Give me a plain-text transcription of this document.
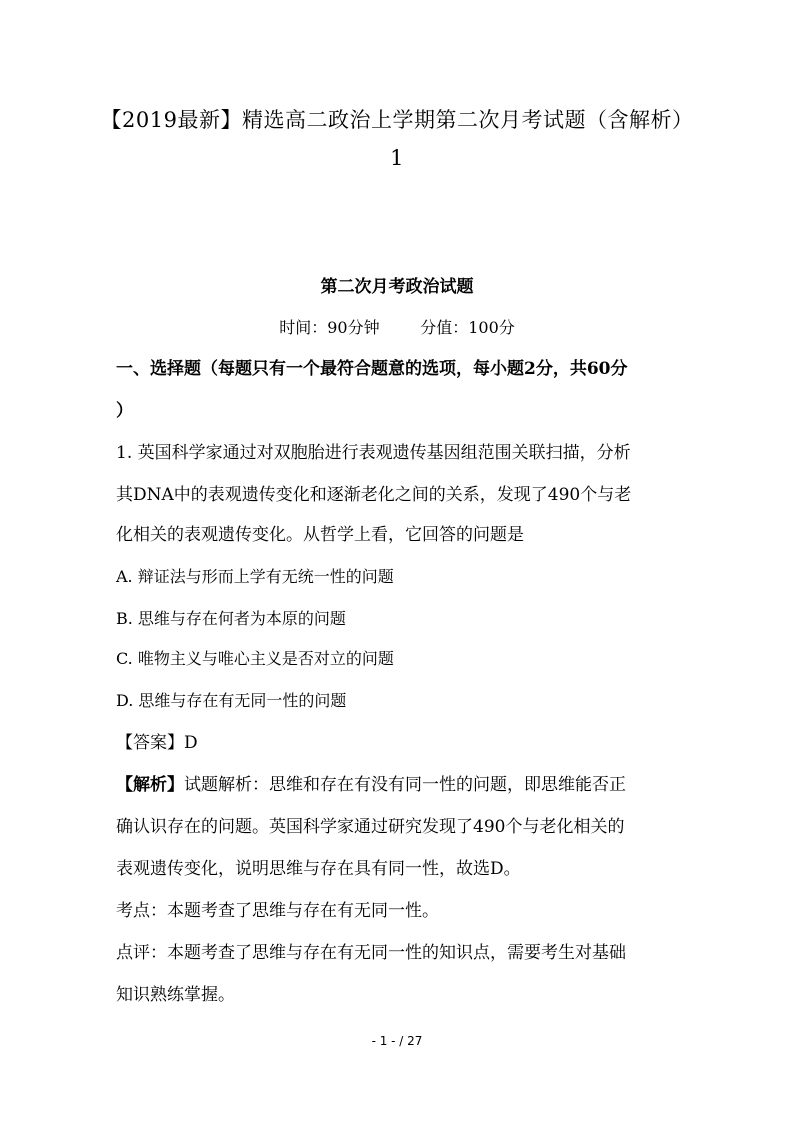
【2019最新】精选高二政治上学期第二次月考试题（含解析）
1
第二次月考政治试题
时间：90分钟        分值：100分
一、选择题（每题只有一个最符合题意的选项，每小题2分，共60分
）
1. 英国科学家通过对双胞胎进行表观遗传基因组范围关联扫描，分析
其DNA中的表观遗传变化和逐渐老化之间的关系，发现了490个与老
化相关的表观遗传变化。从哲学上看，它回答的问题是
A. 辩证法与形而上学有无统一性的问题
B. 思维与存在何者为本原的问题
C. 唯物主义与唯心主义是否对立的问题
D. 思维与存在有无同一性的问题
【答案】D
【解析】试题解析：思维和存在有没有同一性的问题，即思维能否正
确认识存在的问题。英国科学家通过研究发现了490个与老化相关的
表观遗传变化，说明思维与存在具有同一性，故选D。
考点：本题考查了思维与存在有无同一性。
点评：本题考查了思维与存在有无同一性的知识点，需要考生对基础
知识熟练掌握。
- 1 - / 27
